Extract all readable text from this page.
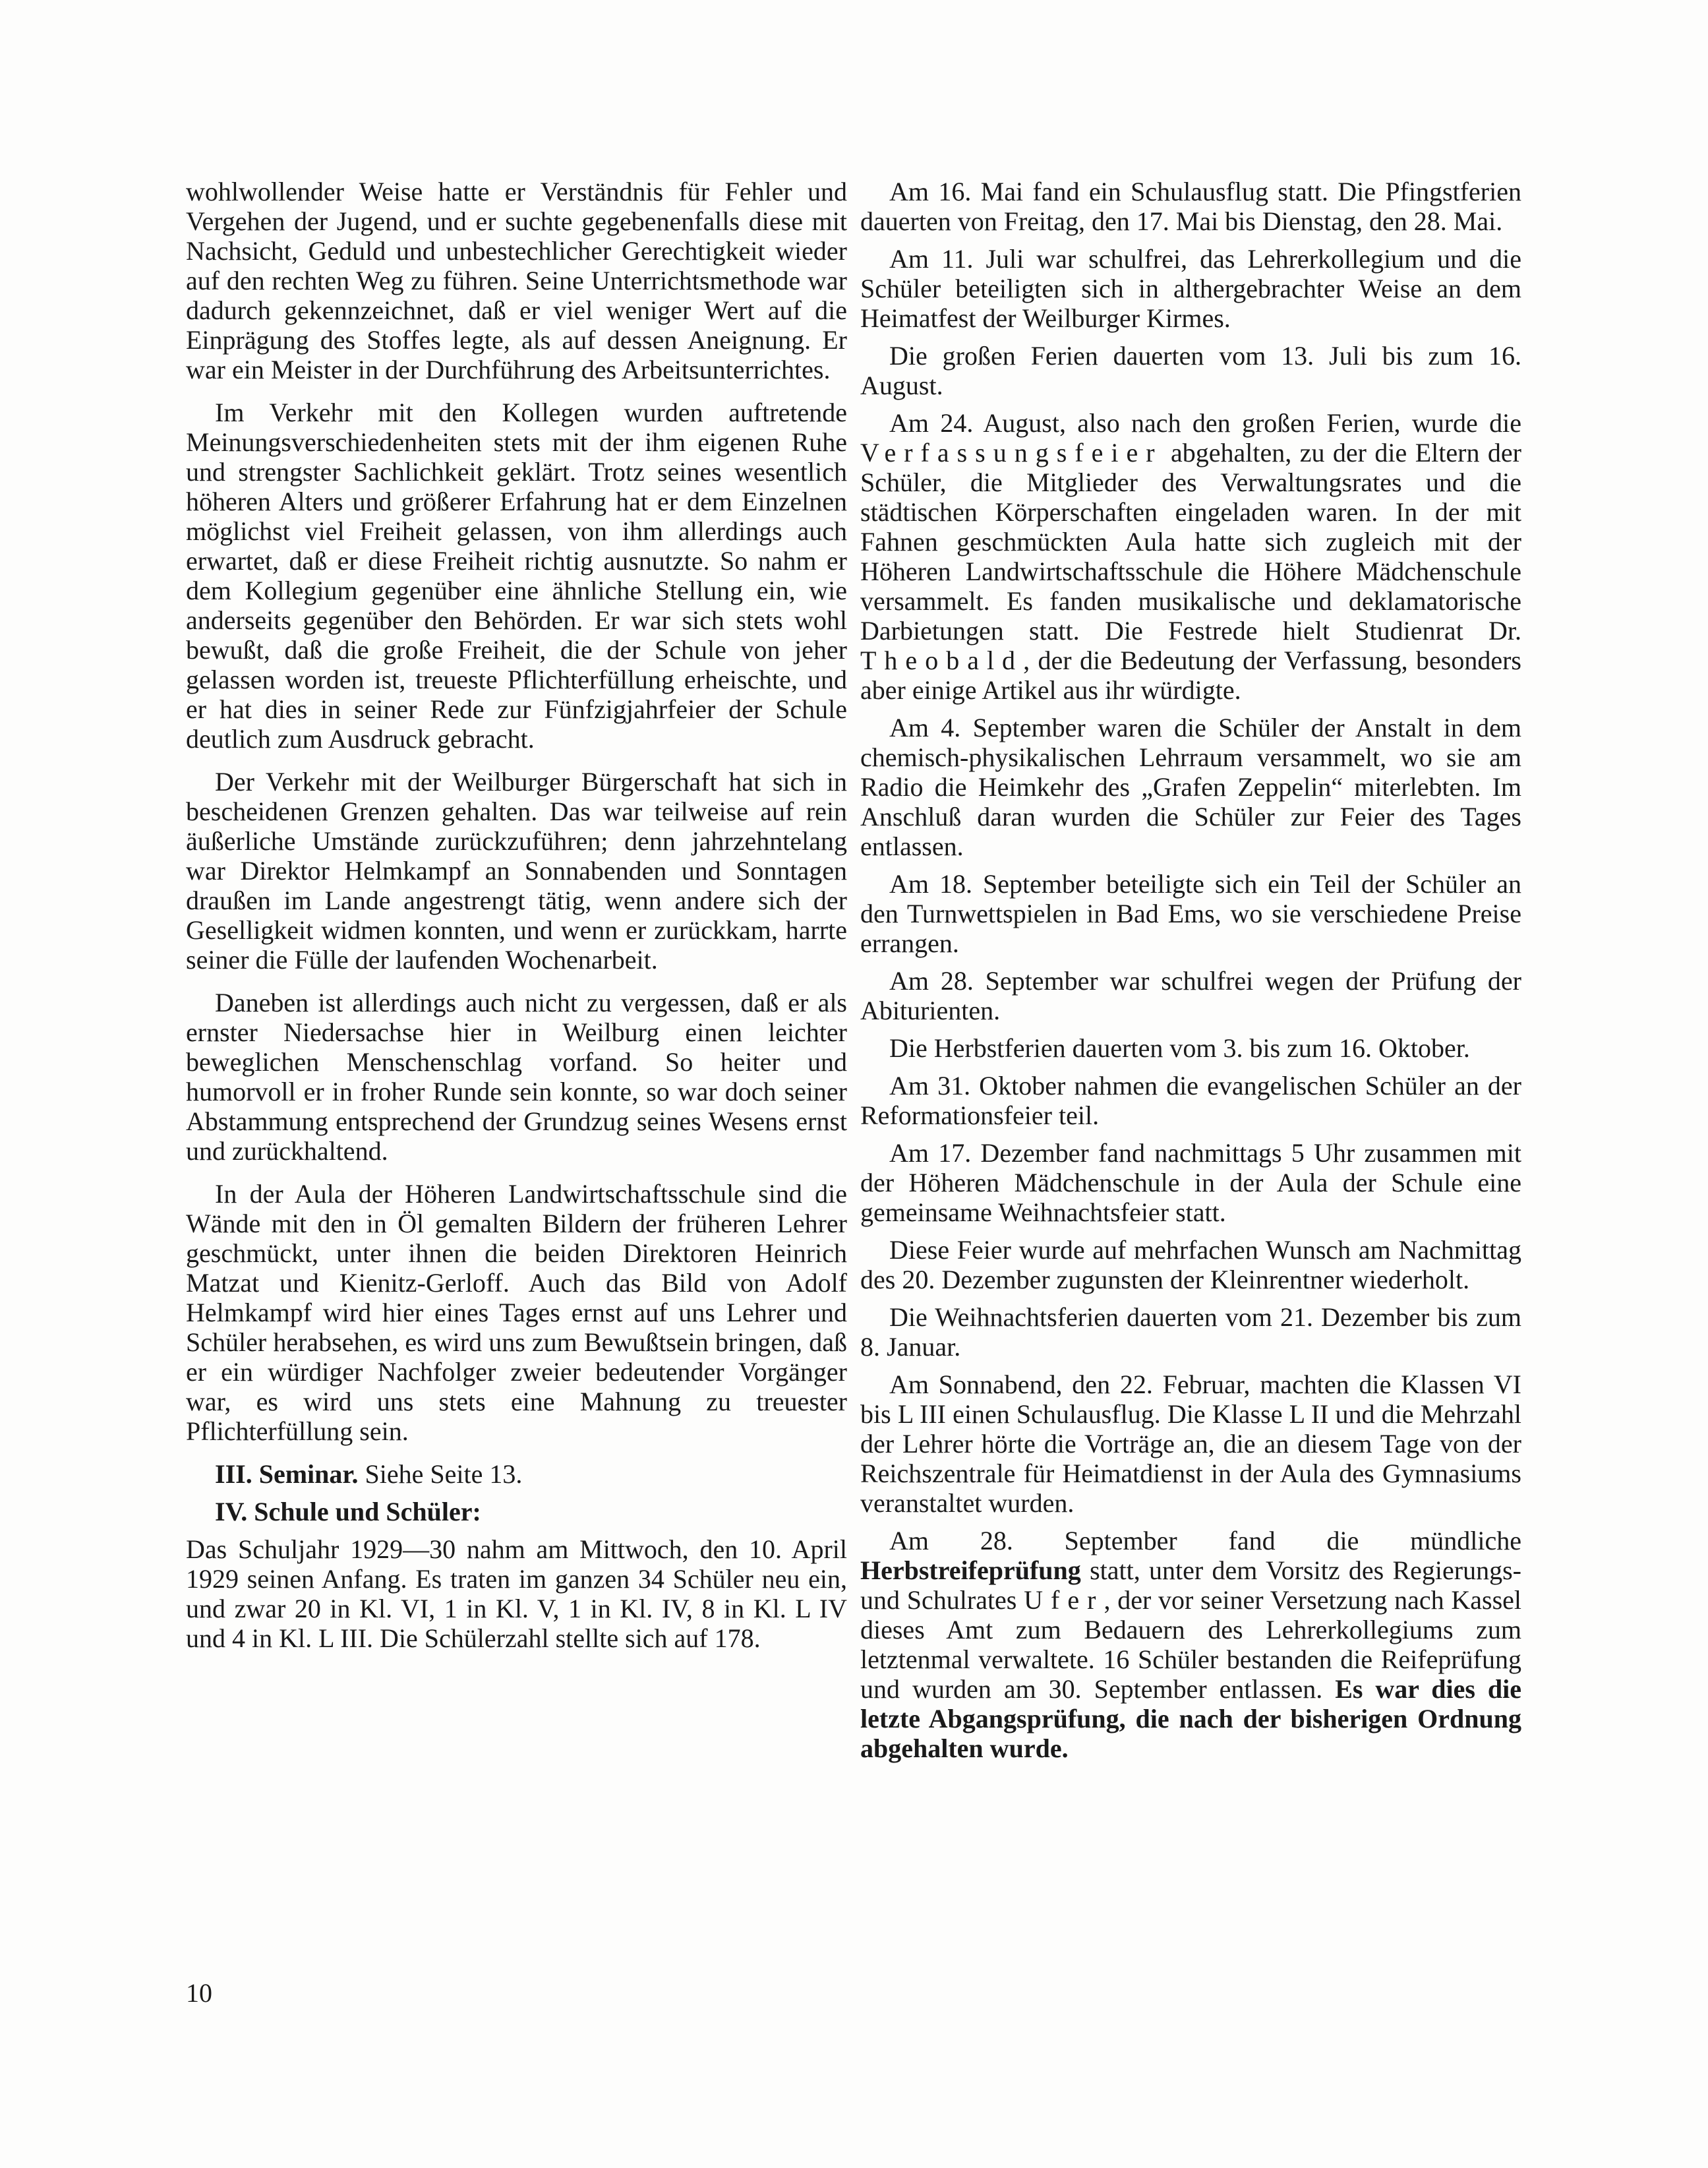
wohlwollender Weise hatte er Verständnis für Fehler und Vergehen der Jugend, und er suchte gegebenenfalls diese mit Nachsicht, Geduld und unbestechlicher Gerechtigkeit wieder auf den rechten Weg zu führen. Seine Unterrichtsmethode war dadurch gekennzeichnet, daß er viel weniger Wert auf die Einprägung des Stoffes legte, als auf dessen Aneignung. Er war ein Meister in der Durchführung des Arbeitsunterrichtes.

Im Verkehr mit den Kollegen wurden auftretende Meinungsverschiedenheiten stets mit der ihm eigenen Ruhe und strengster Sachlichkeit geklärt. Trotz seines wesentlich höheren Alters und größerer Erfahrung hat er dem Einzelnen möglichst viel Freiheit gelassen, von ihm allerdings auch erwartet, daß er diese Freiheit richtig ausnutzte. So nahm er dem Kollegium gegenüber eine ähnliche Stellung ein, wie anderseits gegenüber den Behörden. Er war sich stets wohl bewußt, daß die große Freiheit, die der Schule von jeher gelassen worden ist, treueste Pflichterfüllung erheischte, und er hat dies in seiner Rede zur Fünfzigjahrfeier der Schule deutlich zum Ausdruck gebracht.

Der Verkehr mit der Weilburger Bürgerschaft hat sich in bescheidenen Grenzen gehalten. Das war teilweise auf rein äußerliche Umstände zurückzuführen; denn jahrzehntelang war Direktor Helmkampf an Sonnabenden und Sonntagen draußen im Lande angestrengt tätig, wenn andere sich der Geselligkeit widmen konnten, und wenn er zurückkam, harrte seiner die Fülle der laufenden Wochenarbeit.

Daneben ist allerdings auch nicht zu vergessen, daß er als ernster Niedersachse hier in Weilburg einen leichter beweglichen Menschenschlag vorfand. So heiter und humorvoll er in froher Runde sein konnte, so war doch seiner Abstammung entsprechend der Grundzug seines Wesens ernst und zurückhaltend.

In der Aula der Höheren Landwirtschaftsschule sind die Wände mit den in Öl gemalten Bildern der früheren Lehrer geschmückt, unter ihnen die beiden Direktoren Heinrich Matzat und Kienitz-Gerloff. Auch das Bild von Adolf Helmkampf wird hier eines Tages ernst auf uns Lehrer und Schüler herabsehen, es wird uns zum Bewußtsein bringen, daß er ein würdiger Nachfolger zweier bedeutender Vorgänger war, es wird uns stets eine Mahnung zu treuester Pflichterfüllung sein.

III. Seminar. Siehe Seite 13.

IV. Schule und Schüler:

Das Schuljahr 1929—30 nahm am Mittwoch, den 10. April 1929 seinen Anfang. Es traten im ganzen 34 Schüler neu ein, und zwar 20 in Kl. VI, 1 in Kl. V, 1 in Kl. IV, 8 in Kl. L IV und 4 in Kl. L III. Die Schülerzahl stellte sich auf 178.

Am 16. Mai fand ein Schulausflug statt. Die Pfingstferien dauerten von Freitag, den 17. Mai bis Dienstag, den 28. Mai.

Am 11. Juli war schulfrei, das Lehrerkollegium und die Schüler beteiligten sich in althergebrachter Weise an dem Heimatfest der Weilburger Kirmes.

Die großen Ferien dauerten vom 13. Juli bis zum 16. August.

Am 24. August, also nach den großen Ferien, wurde die Verfassungsfeier abgehalten, zu der die Eltern der Schüler, die Mitglieder des Verwaltungsrates und die städtischen Körperschaften eingeladen waren. In der mit Fahnen geschmückten Aula hatte sich zugleich mit der Höheren Landwirtschaftsschule die Höhere Mädchenschule versammelt. Es fanden musikalische und deklamatorische Darbietungen statt. Die Festrede hielt Studienrat Dr. Theobald, der die Bedeutung der Verfassung, besonders aber einige Artikel aus ihr würdigte.

Am 4. September waren die Schüler der Anstalt in dem chemisch-physikalischen Lehrraum versammelt, wo sie am Radio die Heimkehr des „Grafen Zeppelin“ miterlebten. Im Anschluß daran wurden die Schüler zur Feier des Tages entlassen.

Am 18. September beteiligte sich ein Teil der Schüler an den Turnwettspielen in Bad Ems, wo sie verschiedene Preise errangen.

Am 28. September war schulfrei wegen der Prüfung der Abiturienten.

Die Herbstferien dauerten vom 3. bis zum 16. Oktober.

Am 31. Oktober nahmen die evangelischen Schüler an der Reformationsfeier teil.

Am 17. Dezember fand nachmittags 5 Uhr zusammen mit der Höheren Mädchenschule in der Aula der Schule eine gemeinsame Weihnachtsfeier statt.

Diese Feier wurde auf mehrfachen Wunsch am Nachmittag des 20. Dezember zugunsten der Kleinrentner wiederholt.

Die Weihnachtsferien dauerten vom 21. Dezember bis zum 8. Januar.

Am Sonnabend, den 22. Februar, machten die Klassen VI bis L III einen Schulausflug. Die Klasse L II und die Mehrzahl der Lehrer hörte die Vorträge an, die an diesem Tage von der Reichszentrale für Heimatdienst in der Aula des Gymnasiums veranstaltet wurden.

Am 28. September fand die mündliche Herbstreifeprüfung statt, unter dem Vorsitz des Regierungs- und Schulrates Ufer, der vor seiner Versetzung nach Kassel dieses Amt zum Bedauern des Lehrerkollegiums zum letztenmal verwaltete. 16 Schüler bestanden die Reifeprüfung und wurden am 30. September entlassen. Es war dies die letzte Abgangsprüfung, die nach der bisherigen Ordnung abgehalten wurde.

10
